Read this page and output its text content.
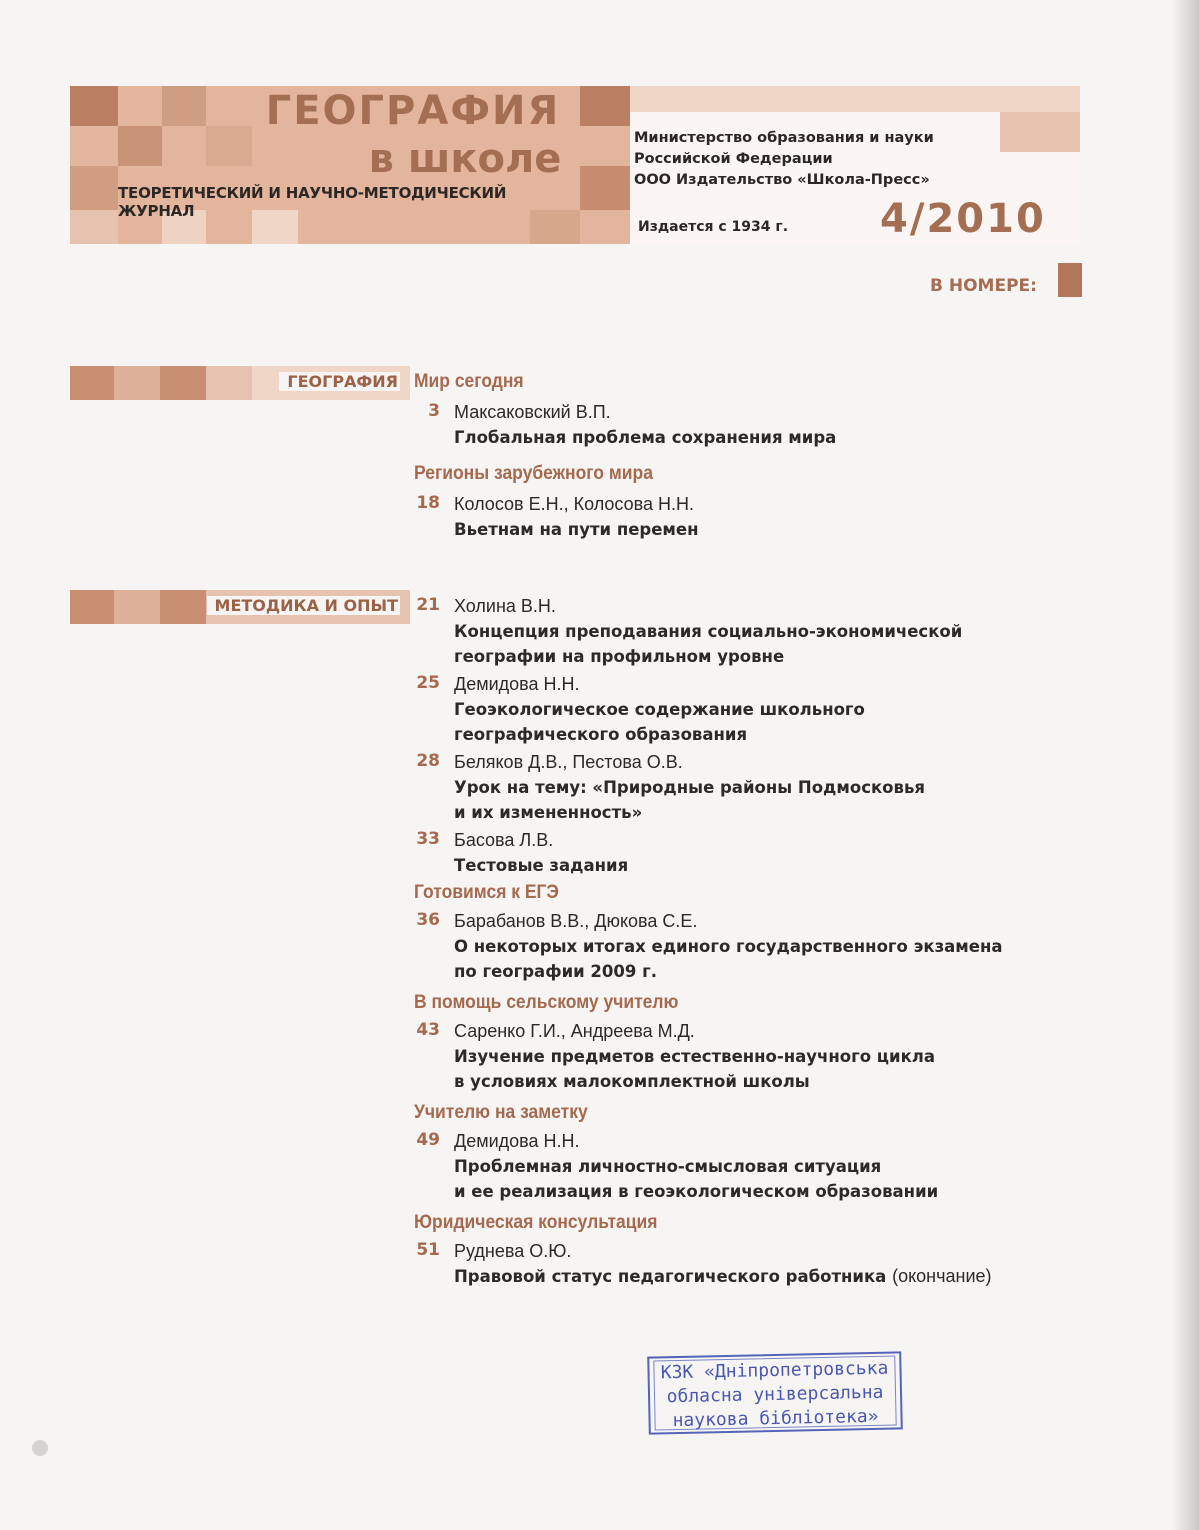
ГЕОГРАФИЯ
в школе
ТЕОРЕТИЧЕСКИЙ И НАУЧНО-МЕТОДИЧЕСКИЙ ЖУРНАЛ
Министерство образования и науки
Российской Федерации
ООО Издательство «Школа-Пресс»
Издается с 1934 г. 4/2010
В НОМЕРЕ:
ГЕОГРАФИЯ
МЕТОДИКА И ОПЫТ

Мир сегодня

3 Максаковский В.П.
Глобальная проблема сохранения мира

Регионы зарубежного мира

18 Колосов Е.Н., Колосова Н.Н.
Вьетнам на пути перемен
21 Холина В.Н.
Концепция преподавания социально-экономической
географии на профильном уровне
25 Демидова Н.Н.
Геоэкологическое содержание школьного
географического образования
28 Беляков Д.В., Пестова О.В.
Урок на тему: «Природные районы Подмосковья
и их измененность»
33 Басова Л.В.
Тестовые задания

Готовимся к ЕГЭ

36 Барабанов В.В., Дюкова С.Е.
О некоторых итогах единого государственного экзамена
по географии 2009 г.

В помощь сельскому учителю

43 Саренко Г.И., Андреева М.Д.
Изучение предметов естественно-научного цикла
в условиях малокомплектной школы

Учителю на заметку

49 Демидова Н.Н.
Проблемная личностно-смысловая ситуация
и ее реализация в геоэкологическом образовании

Юридическая консультация

51 Руднева О.Ю.
Правовой статус педагогического работника (окончание)
КЗК «Дніпропетровська
обласна універсальна
наукова бібліотека»
